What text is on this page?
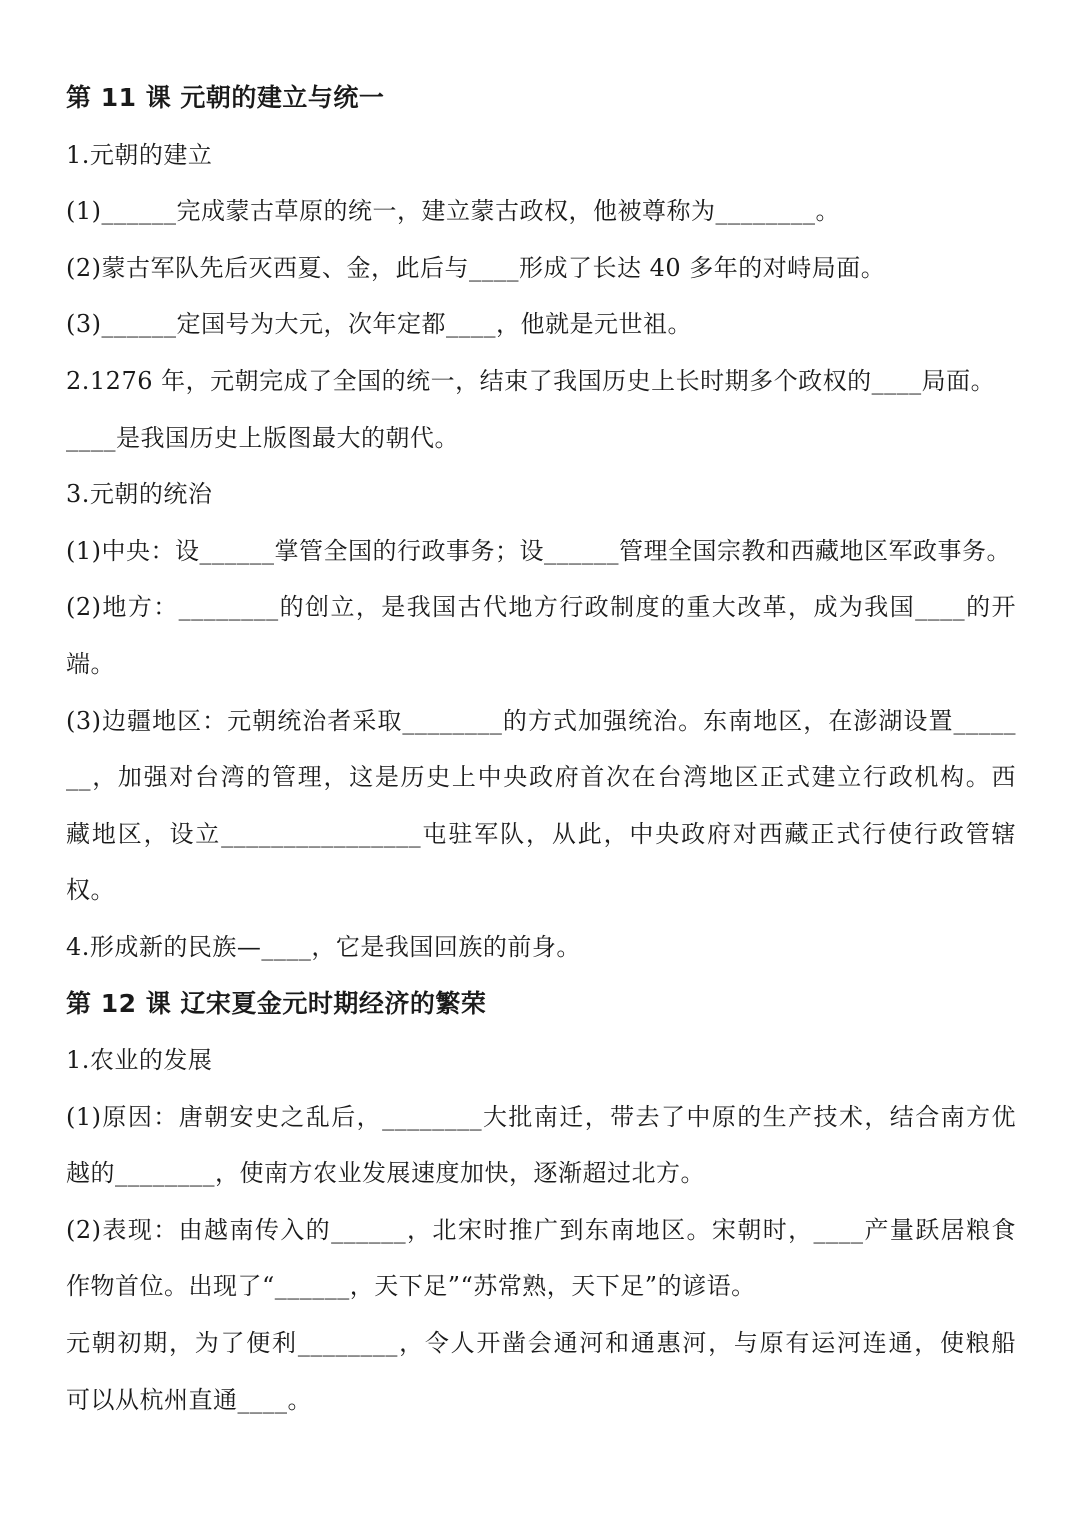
第 11 课 元朝的建立与统一
1.元朝的建立
(1)______完成蒙古草原的统一，建立蒙古政权，他被尊称为________。
(2)蒙古军队先后灭西夏、金，此后与____形成了长达 40 多年的对峙局面。
(3)______定国号为大元，次年定都____，他就是元世祖。
2.1276 年，元朝完成了全国的统一，结束了我国历史上长时期多个政权的____局面。
____是我国历史上版图最大的朝代。
3.元朝的统治
(1)中央：设______掌管全国的行政事务；设______管理全国宗教和西藏地区军政事务。
(2)地方：________的创立，是我国古代地方行政制度的重大改革，成为我国____的开
端。
(3)边疆地区：元朝统治者采取________的方式加强统治。东南地区，在澎湖设置_____
__，加强对台湾的管理，这是历史上中央政府首次在台湾地区正式建立行政机构。西
藏地区，设立________________屯驻军队，从此，中央政府对西藏正式行使行政管辖
权。
4.形成新的民族—____，它是我国回族的前身。
第 12 课 辽宋夏金元时期经济的繁荣
1.农业的发展
(1)原因：唐朝安史之乱后，________大批南迁，带去了中原的生产技术，结合南方优
越的________，使南方农业发展速度加快，逐渐超过北方。
(2)表现：由越南传入的______，北宋时推广到东南地区。宋朝时，____产量跃居粮食
作物首位。出现了“______，天下足”“苏常熟，天下足”的谚语。
元朝初期，为了便利________，令人开凿会通河和通惠河，与原有运河连通，使粮船
可以从杭州直通____。
